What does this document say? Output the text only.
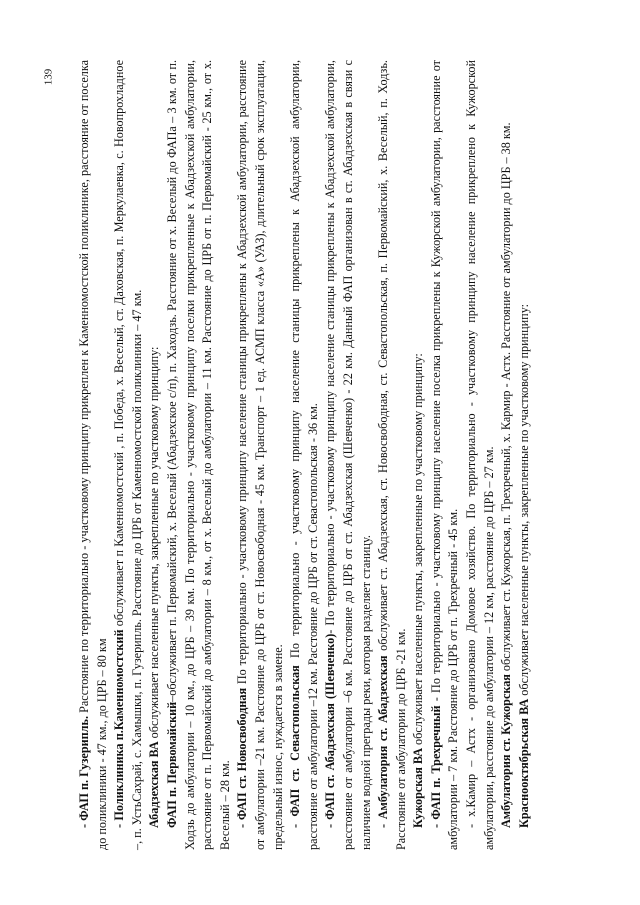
139

- ФАП п. Гузерипль. Расстояние по территориально - участковому принципу прикреплен к Каменномостской поликлинике, расстояние от поселка до поликлиники - 47 км., до ЦРБ – 80 км - Поликлиника п.Каменномостский обслуживает п Каменномостский , п. Победа, х. Веселый, ст. Даховская, п. Меркулаевка, с. Новопрохладное –, п. УстьСахрай, с. Хамышки, п. Гузерипль. Расстояние до ЦРБ от Каменномостской поликлиники – 47 км. Абадзехская ВА обслуживает населенные пункты, закрепленные по участковому принципу:

ФАП п. Первомайский–обслуживает п. Первомайский, х. Веселый (Абадзехское с/п), п. Хаходзь. Расстояние от х. Веселый до ФАПа – 3 км. от п. Ходзь до амбулатории – 10 км., до ЦРБ – 39 км. По территориально - участковому принципу поселки прикрепленные к Абадзехской амбулатории, расстояние от п. Первомайский до амбулатории – 8 км., от х. Веселый до амбулатории – 11 км. Расстояние до ЦРБ от п. Первомайский - 25 км., от х. Веселый – 28 км. - ФАП ст. Новосвободная По территориально - участковому принципу население станицы прикреплены к Абадзехской амбулатории, расстояние от амбулатории –21 км. Расстояние до ЦРБ от ст. Новосвободная - 45 км. Транспорт – 1 ед. АСМП класса «А» (УАЗ), длительный срок эксплуатации, предельный износ, нуждается в замене. - ФАП ст. Севастопольская По территориально - участковому принципу население станицы прикреплены к Абадзехской амбулатории, расстояние от амбулатории –12 км. Расстояние до ЦРБ от ст. Севастопольская - 36 км. - ФАП ст. Абадзехская (Шевченко)- По территориально - участковому принципу население станицы прикреплены к Абадзехской амбулатории, расстояние от амбулатории –6 км. Расстояние до ЦРБ от ст. Абадзехская (Шевченко) - 22 км. Данный ФАП организован в ст. Абадзехская в связи с наличием водной преграды реки, которая разделяет станицу. - Амбулатория ст. Абадзехская обслуживает ст. Абадзехская, ст. Новосвободная, ст. Севастопольская, п. Первомайский, х. Веселый, п. Ходзь. Расстояние от амбулатории до ЦРБ -21 км. Кужорская ВА обслуживает населенные пункты, закрепленные по участковому принципу:

- ФАП п. Трехречный - По территориально - участковому принципу население поселка прикреплены к Кужорской амбулатории, расстояние от амбулатории – 7 км. Расстояние до ЦРБ от п. Трехречный - 45 км. - х.Камир – Астх - организовано Домовое хозяйство. По территориально - участковому принципу население прикреплено к Кужорской амбулатории, расстояние до амбулатории – 12 км, расстояние до ЦРБ – 27 км. Амбулатория ст. Кужорская обслуживает ст. Кужорская, п. Трехречный, х. Кармир - Астх. Расстояние от амбулатории до ЦРБ – 38 км.

Краснооктябрьская ВА обслуживает населенные пункты, закрепленные по участковому принципу:
